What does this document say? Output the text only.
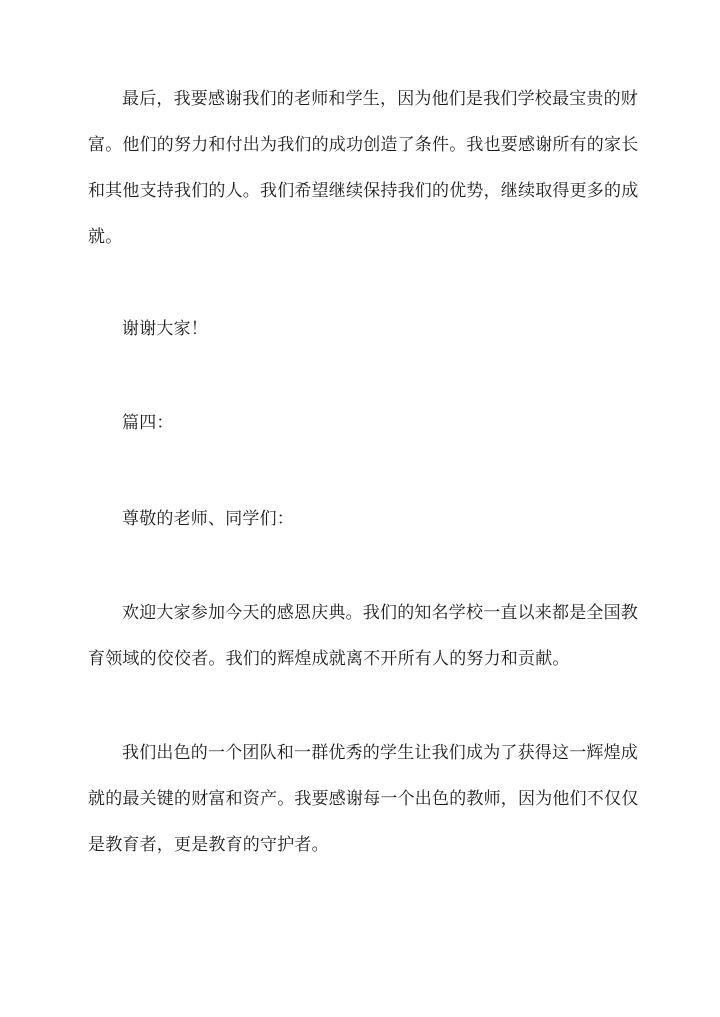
最后，我要感谢我们的老师和学生，因为他们是我们学校最宝贵的财
富。他们的努力和付出为我们的成功创造了条件。我也要感谢所有的家长
和其他支持我们的人。我们希望继续保持我们的优势，继续取得更多的成
就。
谢谢大家！
篇四：
尊敬的老师、同学们：
欢迎大家参加今天的感恩庆典。我们的知名学校一直以来都是全国教
育领域的佼佼者。我们的辉煌成就离不开所有人的努力和贡献。
我们出色的一个团队和一群优秀的学生让我们成为了获得这一辉煌成
就的最关键的财富和资产。我要感谢每一个出色的教师，因为他们不仅仅
是教育者，更是教育的守护者。
